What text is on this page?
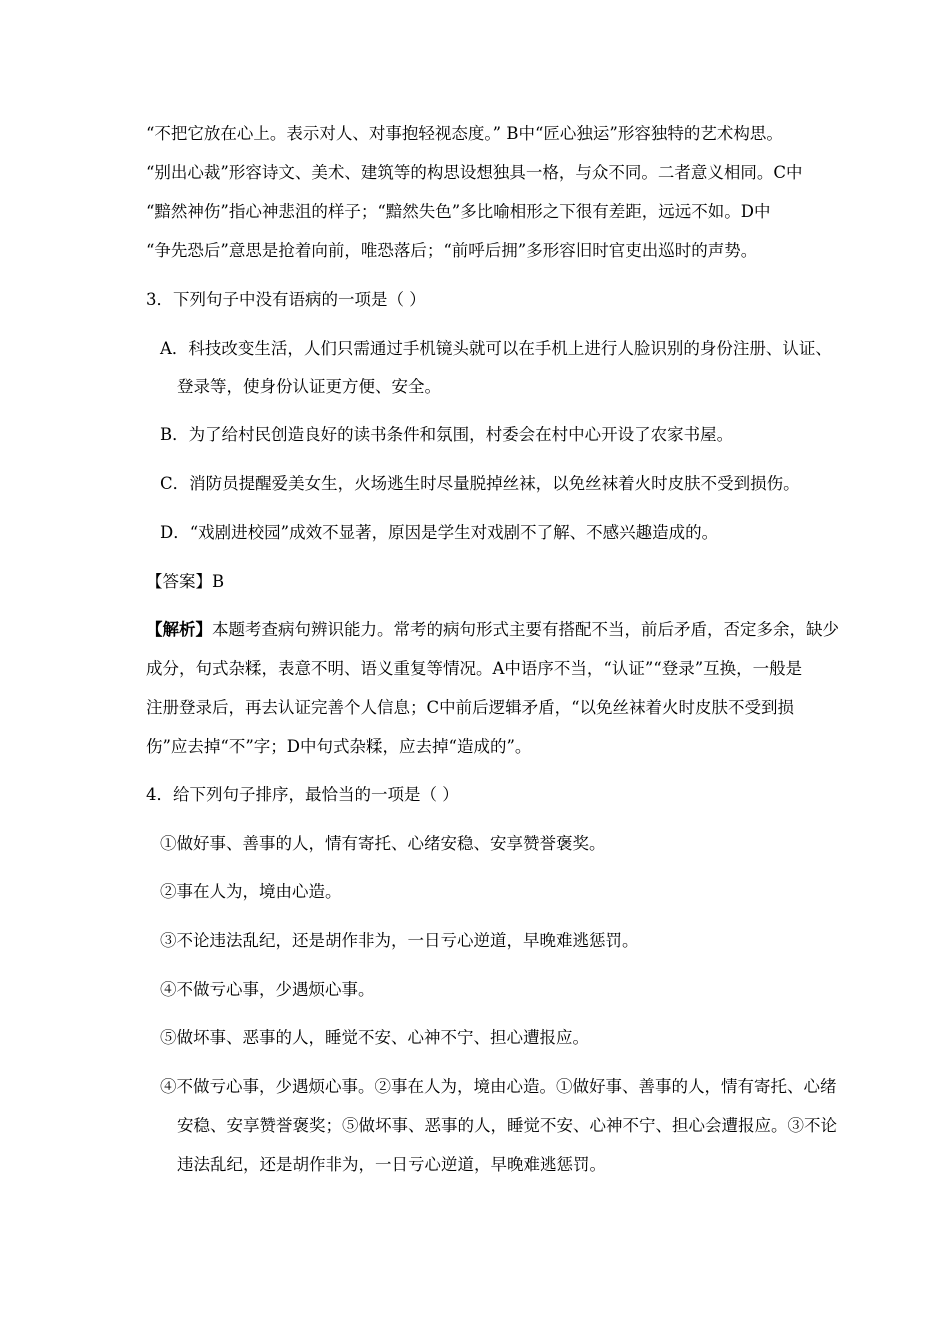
“不把它放在心上。表示对人、对事抱轻视态度。” B中“匠心独运”形容独特的艺术构思。
“别出心裁”形容诗文、美术、建筑等的构思设想独具一格，与众不同。二者意义相同。C中
“黯然神伤”指心神悲沮的样子；“黯然失色”多比喻相形之下很有差距，远远不如。D中
“争先恐后”意思是抢着向前，唯恐落后；“前呼后拥”多形容旧时官吏出巡时的声势。
3．下列句子中没有语病的一项是（ ）
A．科技改变生活，人们只需通过手机镜头就可以在手机上进行人脸识别的身份注册、认证、
登录等，使身份认证更方便、安全。
B．为了给村民创造良好的读书条件和氛围，村委会在村中心开设了农家书屋。
C．消防员提醒爱美女生，火场逃生时尽量脱掉丝袜，以免丝袜着火时皮肤不受到损伤。
D．“戏剧进校园”成效不显著，原因是学生对戏剧不了解、不感兴趣造成的。
【答案】B
【解析】本题考查病句辨识能力。常考的病句形式主要有搭配不当，前后矛盾，否定多余，缺少
成分，句式杂糅，表意不明、语义重复等情况。A中语序不当，“认证”“登录”互换，一般是
注册登录后，再去认证完善个人信息；C中前后逻辑矛盾，“以免丝袜着火时皮肤不受到损
伤”应去掉“不”字；D中句式杂糅，应去掉“造成的”。
4．给下列句子排序，最恰当的一项是（ ）
①做好事、善事的人，情有寄托、心绪安稳、安享赞誉褒奖。
②事在人为，境由心造。
③不论违法乱纪，还是胡作非为，一日亏心逆道，早晚难逃惩罚。
④不做亏心事，少遇烦心事。
⑤做坏事、恶事的人，睡觉不安、心神不宁、担心遭报应。
④不做亏心事，少遇烦心事。②事在人为，境由心造。①做好事、善事的人，情有寄托、心绪
安稳、安享赞誉褒奖；⑤做坏事、恶事的人，睡觉不安、心神不宁、担心会遭报应。③不论
违法乱纪，还是胡作非为，一日亏心逆道，早晚难逃惩罚。
